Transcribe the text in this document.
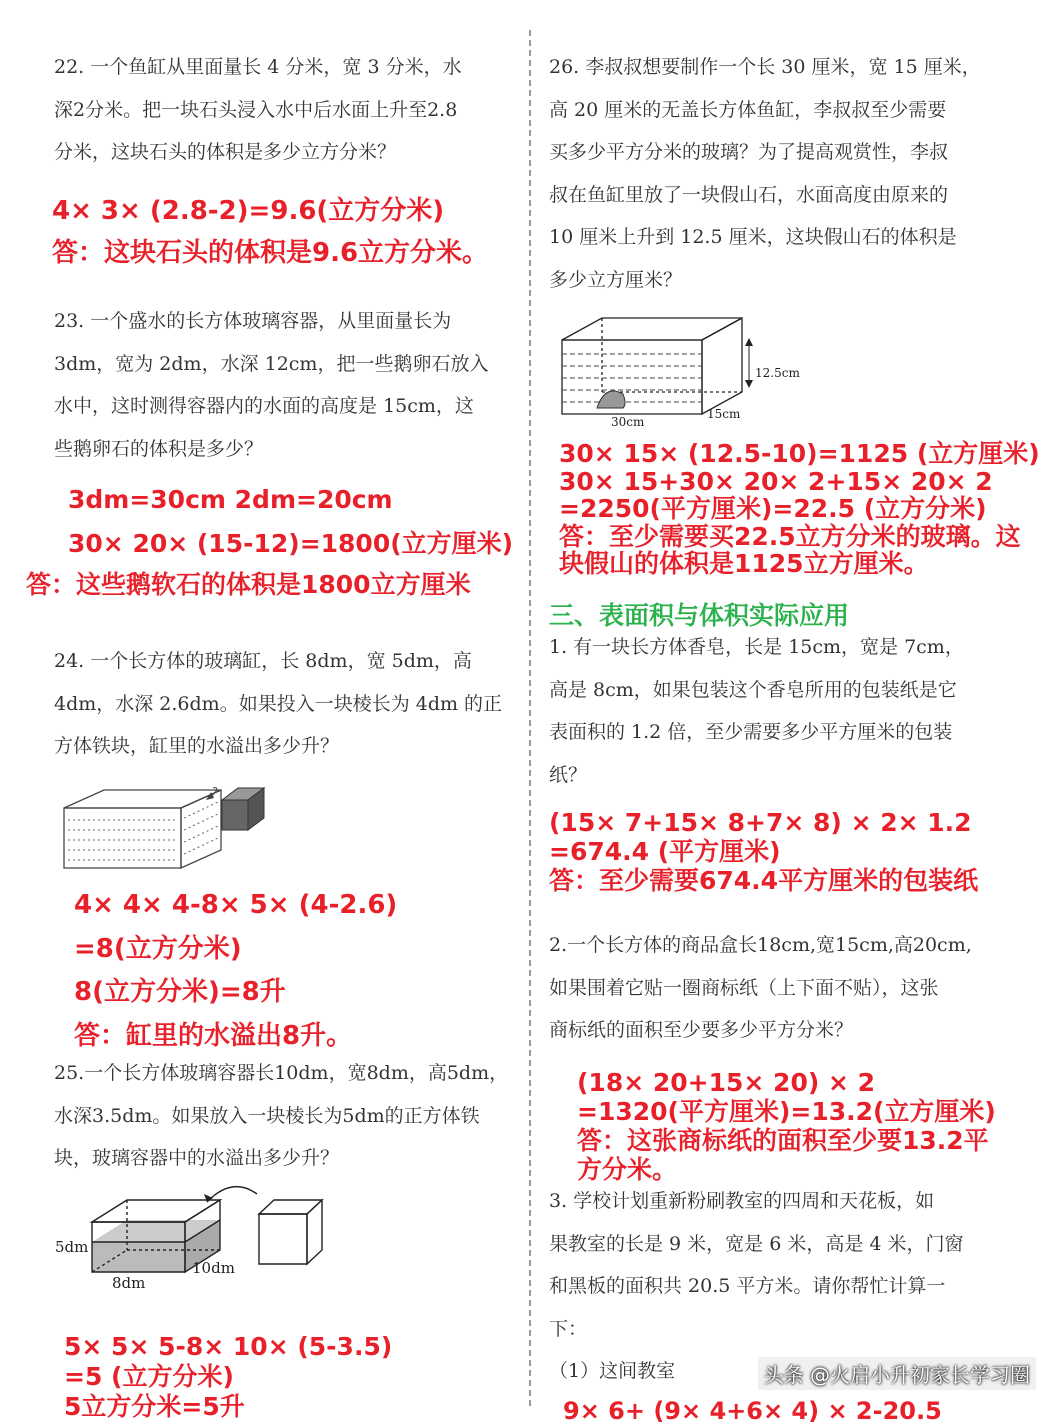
22. 一个鱼缸从里面量长 4 分米，宽 3 分米，水

深2分米。把一块石头浸入水中后水面上升至2.8

分米，这块石头的体积是多少立方分米？

4× 3× (2.8-2)=9.6(立方分米)

答：这块石头的体积是9.6立方分米。

23. 一个盛水的长方体玻璃容器，从里面量长为

3dm，宽为 2dm，水深 12cm，把一些鹅卵石放入

水中，这时测得容器内的水面的高度是 15cm，这

些鹅卵石的体积是多少？

3dm=30cm 2dm=20cm

30× 20× (15-12)=1800(立方厘米)

答：这些鹅软石的体积是1800立方厘米

24. 一个长方体的玻璃缸，长 8dm，宽 5dm，高

4dm，水深 2.6dm。如果投入一块棱长为 4dm 的正

方体铁块，缸里的水溢出多少升？

4× 4× 4-8× 5× (4-2.6)

=8(立方分米)

8(立方分米)=8升

答：缸里的水溢出8升。

25.一个长方体玻璃容器长10dm，宽8dm，高5dm，

水深3.5dm。如果放入一块棱长为5dm的正方体铁

块，玻璃容器中的水溢出多少升？

5dm
8dm
10dm

5× 5× 5-8× 10× (5-3.5)

=5 (立方分米)

5立方分米=5升

26. 李叔叔想要制作一个长 30 厘米，宽 15 厘米，

高 20 厘米的无盖长方体鱼缸，李叔叔至少需要

买多少平方分米的玻璃？为了提高观赏性，李叔

叔在鱼缸里放了一块假山石，水面高度由原来的

10 厘米上升到 12.5 厘米，这块假山石的体积是

多少立方厘米？

12.5cm
30cm
15cm

30× 15× (12.5-10)=1125 (立方厘米)

30× 15+30× 20× 2+15× 20× 2

=2250(平方厘米)=22.5 (立方分米)

答：至少需要买22.5立方分米的玻璃。这

块假山的体积是1125立方厘米。

三、表面积与体积实际应用

1. 有一块长方体香皂，长是 15cm，宽是 7cm，

高是 8cm，如果包装这个香皂所用的包装纸是它

表面积的 1.2 倍，至少需要多少平方厘米的包装

纸？

(15× 7+15× 8+7× 8) × 2× 1.2

=674.4 (平方厘米)

答：至少需要674.4平方厘米的包装纸

2.一个长方体的商品盒长18cm,宽15cm,高20cm,

如果围着它贴一圈商标纸（上下面不贴），这张

商标纸的面积至少要多少平方分米？

(18× 20+15× 20) × 2

=1320(平方厘米)=13.2(立方厘米)

答：这张商标纸的面积至少要13.2平

方分米。

3. 学校计划重新粉刷教室的四周和天花板，如

果教室的长是 9 米，宽是 6 米，高是 4 米，门窗

和黑板的面积共 20.5 平方米。请你帮忙计算一

下：

（1）这间教室

9× 6+ (9× 4+6× 4) × 2-20.5
头条 @火启小升初家长学习圈
